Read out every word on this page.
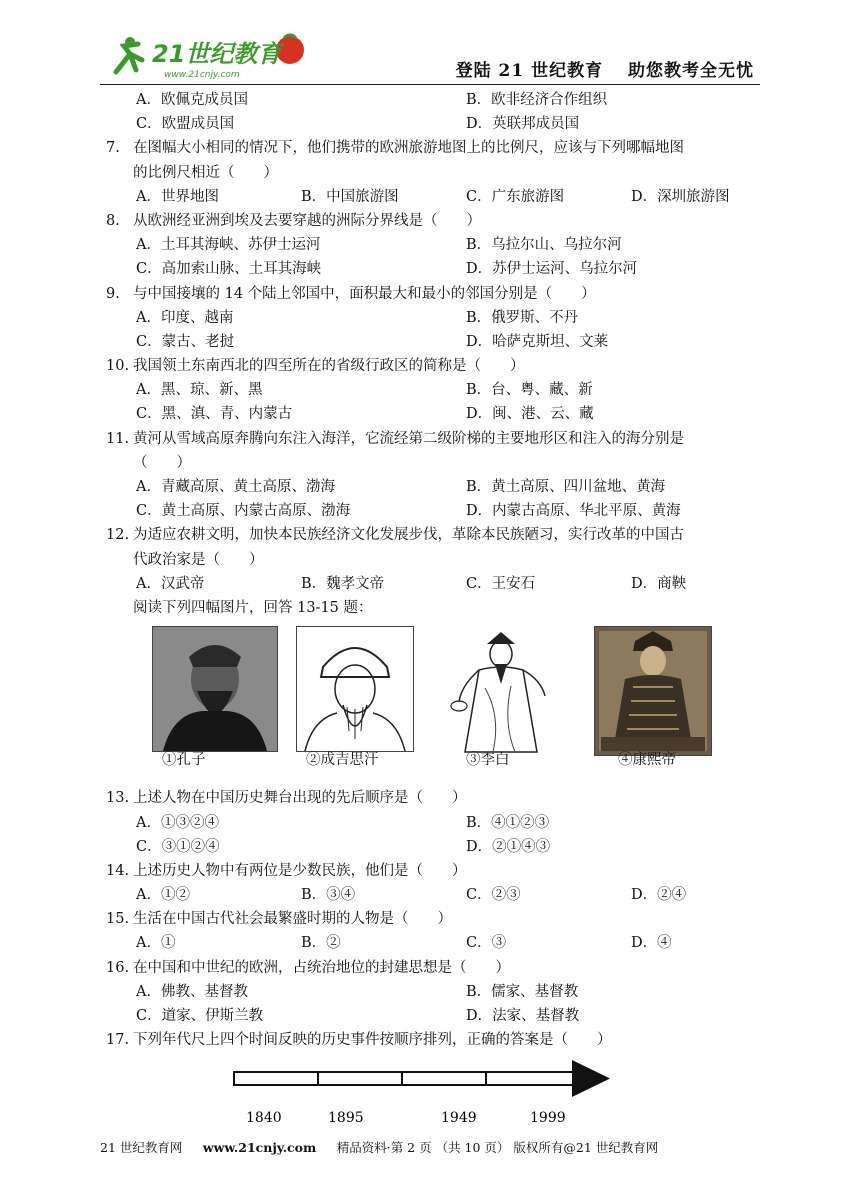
21世纪教育
www.21cnjy.com	登陆 21 世纪教育　 助您教考全无忧
A．欧佩克成员国	B．欧非经济合作组织
C．欧盟成员国	D．英联邦成员国
7. 在图幅大小相同的情况下，他们携带的欧洲旅游地图上的比例尺，应该与下列哪幅地图
的比例尺相近（　　）
A．世界地图	B．中国旅游图	C．广东旅游图	D．深圳旅游图
8. 从欧洲经亚洲到埃及去要穿越的洲际分界线是（　　）
A．土耳其海峡、苏伊士运河	B．乌拉尔山、乌拉尔河
C．高加索山脉、土耳其海峡	D．苏伊士运河、乌拉尔河
9. 与中国接壤的 14 个陆上邻国中，面积最大和最小的邻国分别是（　　）
A．印度、越南	B．俄罗斯、不丹
C．蒙古、老挝	D．哈萨克斯坦、文莱
10. 我国领土东南西北的四至所在的省级行政区的简称是（　　）
A．黑、琼、新、黑	B．台、粤、藏、新
C．黑、滇、青、内蒙古	D．闽、港、云、藏
11. 黄河从雪域高原奔腾向东注入海洋，它流经第二级阶梯的主要地形区和注入的海分别是
（　　）
A．青藏高原、黄土高原、渤海	B．黄土高原、四川盆地、黄海
C．黄土高原、内蒙古高原、渤海	D．内蒙古高原、华北平原、黄海
12. 为适应农耕文明，加快本民族经济文化发展步伐，革除本民族陋习，实行改革的中国古
代政治家是（　　）
A．汉武帝	B．魏孝文帝	C．王安石	D．商鞅
阅读下列四幅图片，回答 13-15 题：
①孔子	②成吉思汗	③李白	④康熙帝
13. 上述人物在中国历史舞台出现的先后顺序是（　　）
A．①③②④	B．④①②③
C．③①②④	D．②①④③
14. 上述历史人物中有两位是少数民族，他们是（　　）
A．①②	B．③④	C．②③	D．②④
15. 生活在中国古代社会最繁盛时期的人物是（　　）
A．①	B．②	C．③	D．④
16. 在中国和中世纪的欧洲，占统治地位的封建思想是（　　）
A．佛教、基督教	B．儒家、基督教
C．道家、伊斯兰教	D．法家、基督教
17. 下列年代尺上四个时间反映的历史事件按顺序排列，正确的答案是（　　）
1840	1895	1949	1999
21 世纪教育网 　 www.21cnjy.com 　 精品资料·第 2 页 （共 10 页） 版权所有@21 世纪教育网
